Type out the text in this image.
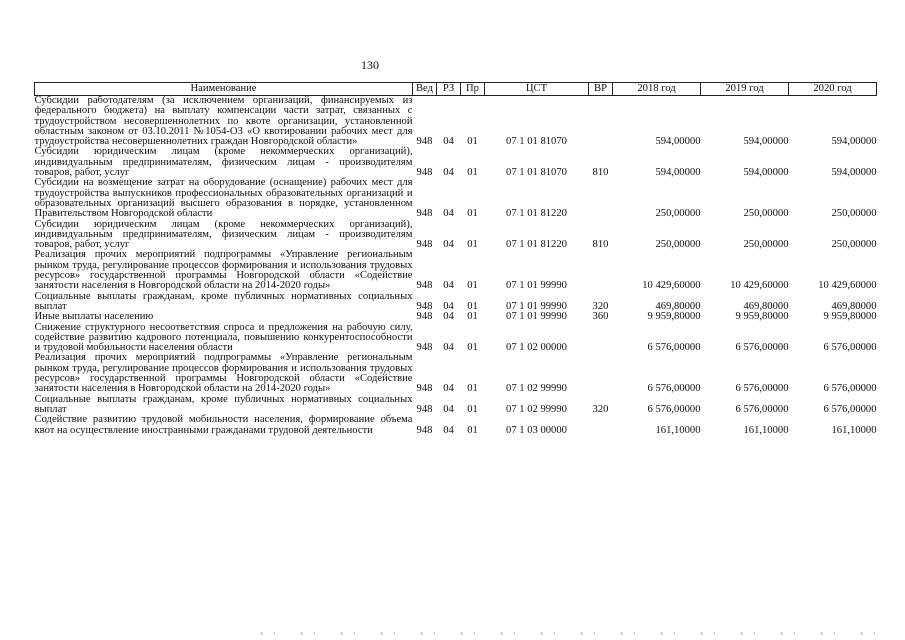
130
Наименование	Вед	РЗ	Пр	ЦСТ	ВР	2018 год	2019 год	2020 год
Субсидии работодателям (за исключением организаций, финансируемых из федерального бюджета) на выплату компенсации части затрат, связанных с трудоустройством несовершеннолетних по квоте организации, установленной областным законом от 03.10.2011 №1054-ОЗ «О квотировании рабочих мест для трудоустройства несовершеннолетних граждан Новгородской области»	948	04	01	07 1 01 81070		594,00000	594,00000	594,00000
Субсидии юридическим лицам (кроме некоммерческих организаций), индивидуальным предпринимателям, физическим лицам - производителям товаров, работ, услуг	948	04	01	07 1 01 81070	810	594,00000	594,00000	594,00000
Субсидии на возмещение затрат на оборудование (оснащение) рабочих мест для трудоустройства выпускников профессиональных образовательных организаций и образовательных организаций высшего образования в порядке, установленном Правительством Новгородской области	948	04	01	07 1 01 81220		250,00000	250,00000	250,00000
Субсидии юридическим лицам (кроме некоммерческих организаций), индивидуальным предпринимателям, физическим лицам - производителям товаров, работ, услуг	948	04	01	07 1 01 81220	810	250,00000	250,00000	250,00000
Реализация прочих мероприятий подпрограммы «Управление региональным рынком труда, регулирование процессов формирования и использования трудовых ресурсов» государственной программы Новгородской области «Содействие занятости населения в Новгородской области на 2014-2020 годы»	948	04	01	07 1 01 99990		10 429,60000	10 429,60000	10 429,60000
Социальные выплаты гражданам, кроме публичных нормативных социальных выплат	948	04	01	07 1 01 99990	320	469,80000	469,80000	469,80000
Иные выплаты населению	948	04	01	07 1 01 99990	360	9 959,80000	9 959,80000	9 959,80000
Снижение структурного несоответствия спроса и предложения на рабочую силу, содействие развитию кадрового потенциала, повышению конкурентоспособности и трудовой мобильности населения области	948	04	01	07 1 02 00000		6 576,00000	6 576,00000	6 576,00000
Реализация прочих мероприятий подпрограммы «Управление региональным рынком труда, регулирование процессов формирования и использования трудовых ресурсов» государственной программы Новгородской области «Содействие занятости населения в Новгородской области на 2014-2020 годы»	948	04	01	07 1 02 99990		6 576,00000	6 576,00000	6 576,00000
Социальные выплаты гражданам, кроме публичных нормативных социальных выплат	948	04	01	07 1 02 99990	320	6 576,00000	6 576,00000	6 576,00000
Содействие развитию трудовой мобильности населения, формирование объема квот на осуществление иностранными гражданами трудовой деятельности	948	04	01	07 1 03 00000		161,10000	161,10000	161,10000
